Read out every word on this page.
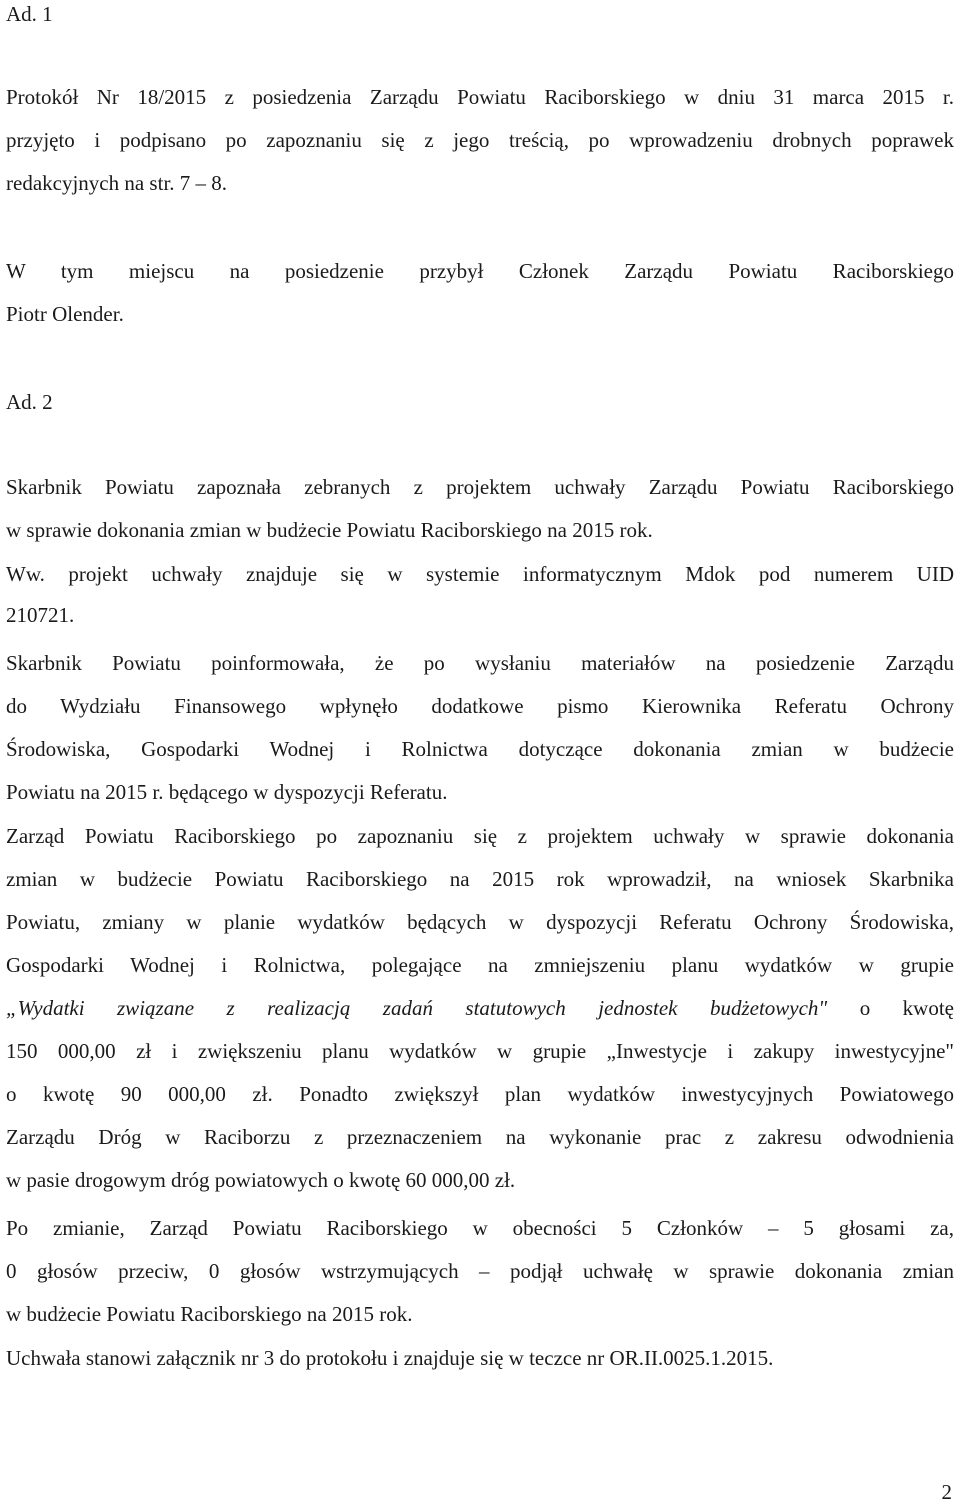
Ad. 1
Protokół Nr 18/2015 z posiedzenia Zarządu Powiatu Raciborskiego w dniu 31 marca 2015 r.
przyjęto i podpisano po zapoznaniu się z jego treścią, po wprowadzeniu drobnych poprawek
redakcyjnych na str. 7 – 8.
W tym miejscu na posiedzenie przybył Członek Zarządu Powiatu Raciborskiego
Piotr Olender.
Ad. 2
Skarbnik Powiatu zapoznała zebranych z projektem uchwały Zarządu Powiatu Raciborskiego
w sprawie dokonania zmian w budżecie Powiatu Raciborskiego na 2015 rok.
Ww. projekt uchwały znajduje się w systemie informatycznym Mdok pod numerem UID
210721.
Skarbnik Powiatu poinformowała, że po wysłaniu materiałów na posiedzenie Zarządu
do Wydziału Finansowego wpłynęło dodatkowe pismo Kierownika Referatu Ochrony
Środowiska, Gospodarki Wodnej i Rolnictwa dotyczące dokonania zmian w budżecie
Powiatu na 2015 r. będącego w dyspozycji Referatu.
Zarząd Powiatu Raciborskiego po zapoznaniu się z projektem uchwały w sprawie dokonania
zmian w budżecie Powiatu Raciborskiego na 2015 rok wprowadził, na wniosek Skarbnika
Powiatu, zmiany w planie wydatków będących w dyspozycji Referatu Ochrony Środowiska,
Gospodarki Wodnej i Rolnictwa, polegające na zmniejszeniu planu wydatków w grupie
„Wydatki związane z realizacją zadań statutowych jednostek budżetowych" o kwotę
150 000,00 zł i zwiększeniu planu wydatków w grupie „Inwestycje i zakupy inwestycyjne"
o kwotę 90 000,00 zł. Ponadto zwiększył plan wydatków inwestycyjnych Powiatowego
Zarządu Dróg w Raciborzu z przeznaczeniem na wykonanie prac z zakresu odwodnienia
w pasie drogowym dróg powiatowych o kwotę 60 000,00 zł.
Po zmianie, Zarząd Powiatu Raciborskiego w obecności 5 Członków – 5 głosami za,
0 głosów przeciw, 0 głosów wstrzymujących – podjął uchwałę w sprawie dokonania zmian
w budżecie Powiatu Raciborskiego na 2015 rok.
Uchwała stanowi załącznik nr 3 do protokołu i znajduje się w teczce nr OR.II.0025.1.2015.
2
